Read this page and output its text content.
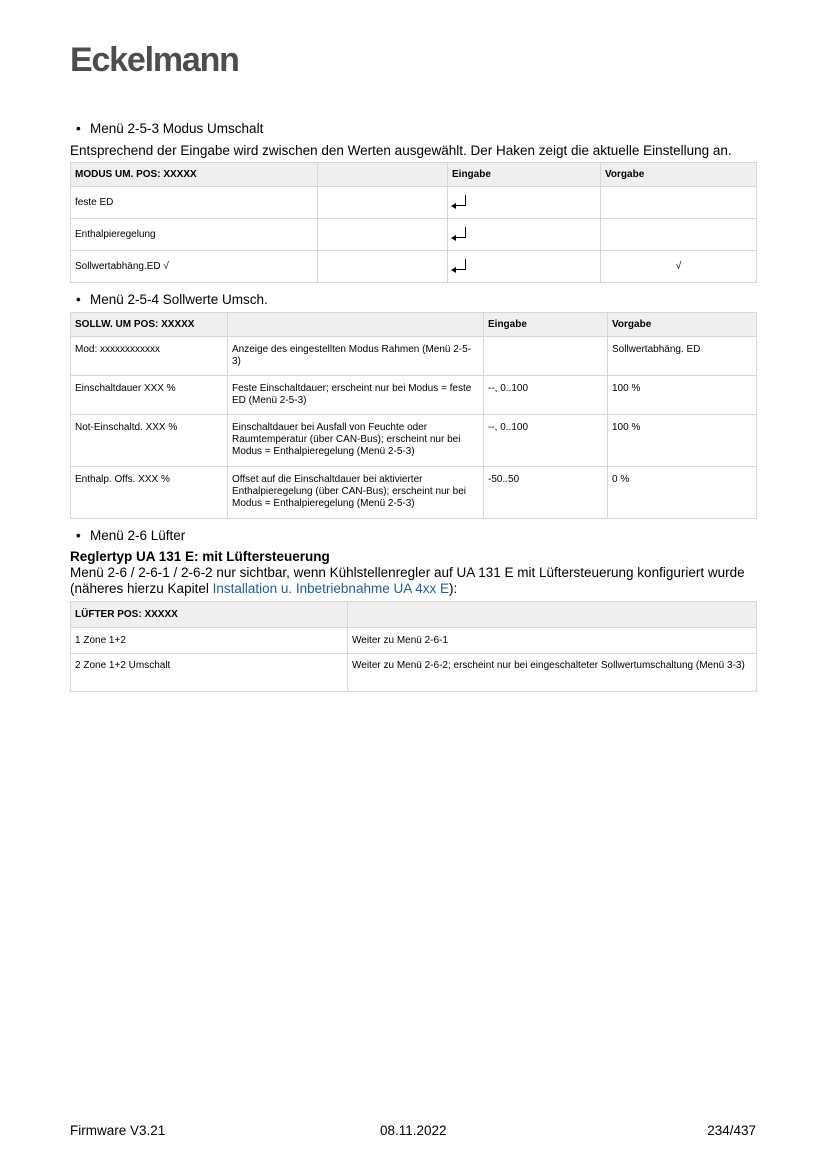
Eckelmann
• Menü 2-5-3 Modus Umschalt
Entsprechend der Eingabe wird zwischen den Werten ausgewählt. Der Haken zeigt die aktuelle Einstellung an.
MODUS UM. POS: XXXXX		Eingabe	Vorgabe
feste ED		

Enthalpieregelung		

Sollwertabhäng.ED √			√
• Menü 2-5-4 Sollwerte Umsch.
SOLLW. UM POS: XXXXX		Eingabe	Vorgabe
Mod: xxxxxxxxxxxx	Anzeige des eingestellten Modus Rahmen (Menü 2-5-3)		Sollwertabhäng. ED
Einschaltdauer XXX %	Feste Einschaltdauer; erscheint nur bei Modus = feste ED (Menü 2-5-3)	--, 0..100	100 %
Not-Einschaltd. XXX %	Einschaltdauer bei Ausfall von Feuchte oder Raumtemperatur (über CAN-Bus); erscheint nur bei Modus = Enthalpieregelung (Menü 2-5-3)	--, 0..100	100 %
Enthalp. Offs. XXX %	Offset auf die Einschaltdauer bei aktivierter Enthalpieregelung (über CAN-Bus); erscheint nur bei Modus = Enthalpieregelung (Menü 2-5-3)	-50..50	0 %
• Menü 2-6 Lüfter
Reglertyp UA 131 E: mit Lüftersteuerung
Menü 2-6 / 2-6-1 / 2-6-2 nur sichtbar, wenn Kühlstellenregler auf UA 131 E mit Lüftersteuerung konfiguriert wurde (näheres hierzu Kapitel Installation u. Inbetriebnahme UA 4xx E):
LÜFTER POS: XXXXX	
1 Zone 1+2	Weiter zu Menü 2-6-1
2 Zone 1+2 Umschalt	Weiter zu Menü 2-6-2; erscheint nur bei eingeschalteter Sollwertumschaltung (Menü 3-3)
Firmware V3.21	08.11.2022	234/437
